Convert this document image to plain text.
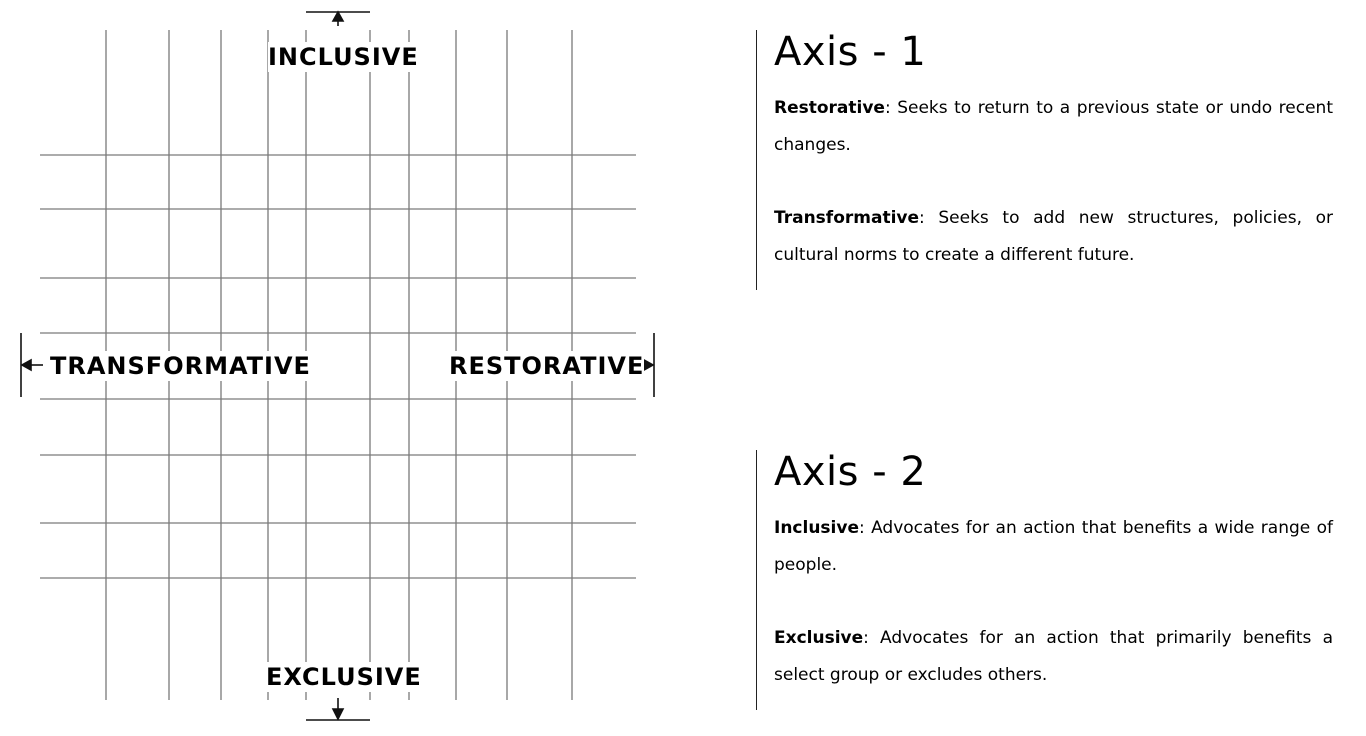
INCLUSIVE
EXCLUSIVE
TRANSFORMATIVE	RESTORATIVE
Axis - 1

Restorative: Seeks to return to a previous state or undo recent changes.

Transformative: Seeks to add new structures, policies, or cultural norms to create a different future.

Axis - 2

Inclusive: Advocates for an action that benefits a wide range of people.

Exclusive: Advocates for an action that primarily benefits a select group or excludes others.
